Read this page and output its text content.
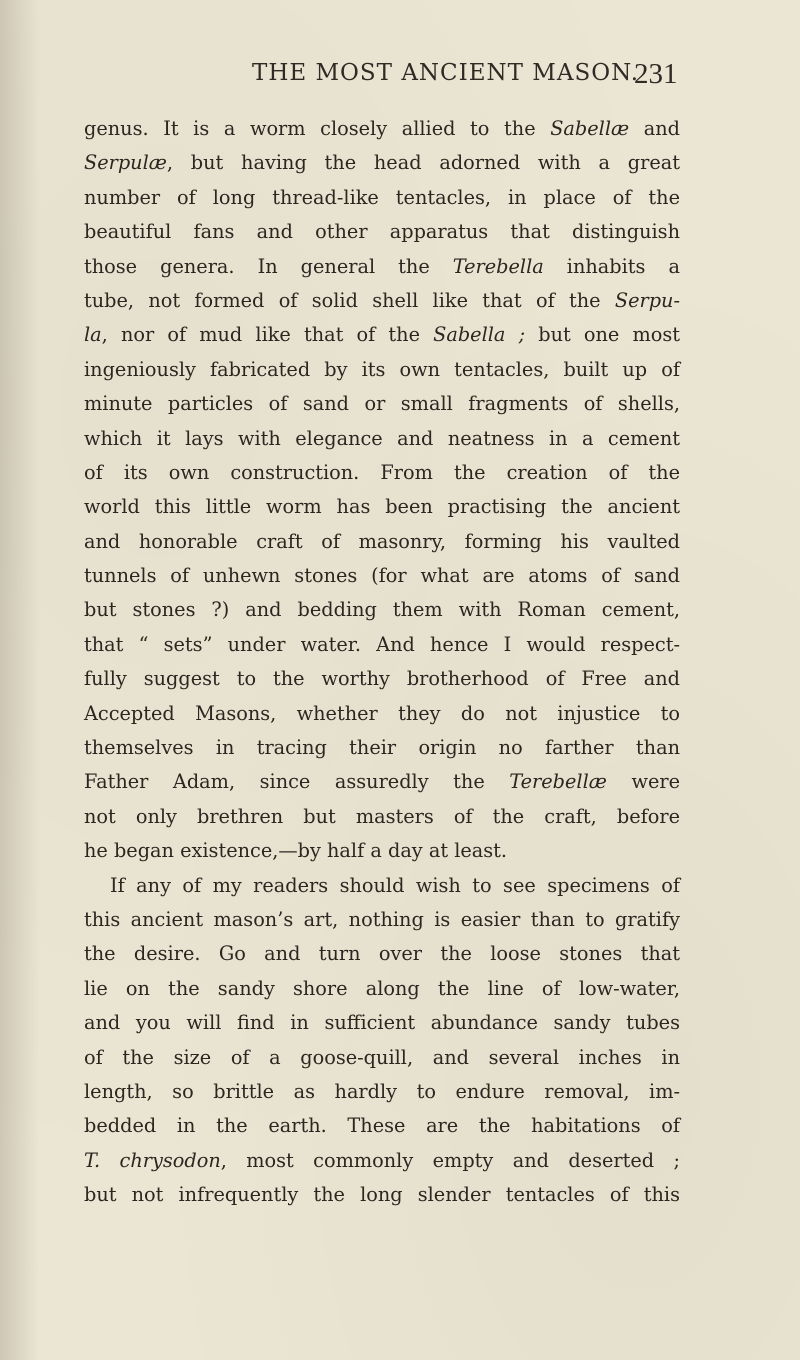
THE MOST ANCIENT MASON.
231
genus. It is a worm closely allied to the Sabellæ and
Serpulæ, but having the head adorned with a great
number of long thread-like tentacles, in place of the
beautiful fans and other apparatus that distinguish
those genera. In general the Terebella inhabits a
tube, not formed of solid shell like that of the Serpu-
la, nor of mud like that of the Sabella ; but one most
ingeniously fabricated by its own tentacles, built up of
minute particles of sand or small fragments of shells,
which it lays with elegance and neatness in a cement
of its own construction. From the creation of the
world this little worm has been practising the ancient
and honorable craft of masonry, forming his vaulted
tunnels of unhewn stones (for what are atoms of sand
but stones ?) and bedding them with Roman cement,
that “ sets” under water. And hence I would respect-
fully suggest to the worthy brotherhood of Free and
Accepted Masons, whether they do not injustice to
themselves in tracing their origin no farther than
Father Adam, since assuredly the Terebellæ were
not only brethren but masters of the craft, before
he began existence,—by half a day at least.
If any of my readers should wish to see specimens of
this ancient mason’s art, nothing is easier than to gratify
the desire. Go and turn over the loose stones that
lie on the sandy shore along the line of low-water,
and you will find in sufficient abundance sandy tubes
of the size of a goose-quill, and several inches in
length, so brittle as hardly to endure removal, im-
bedded in the earth. These are the habitations of
T. chrysodon, most commonly empty and deserted ;
but not infrequently the long slender tentacles of this
